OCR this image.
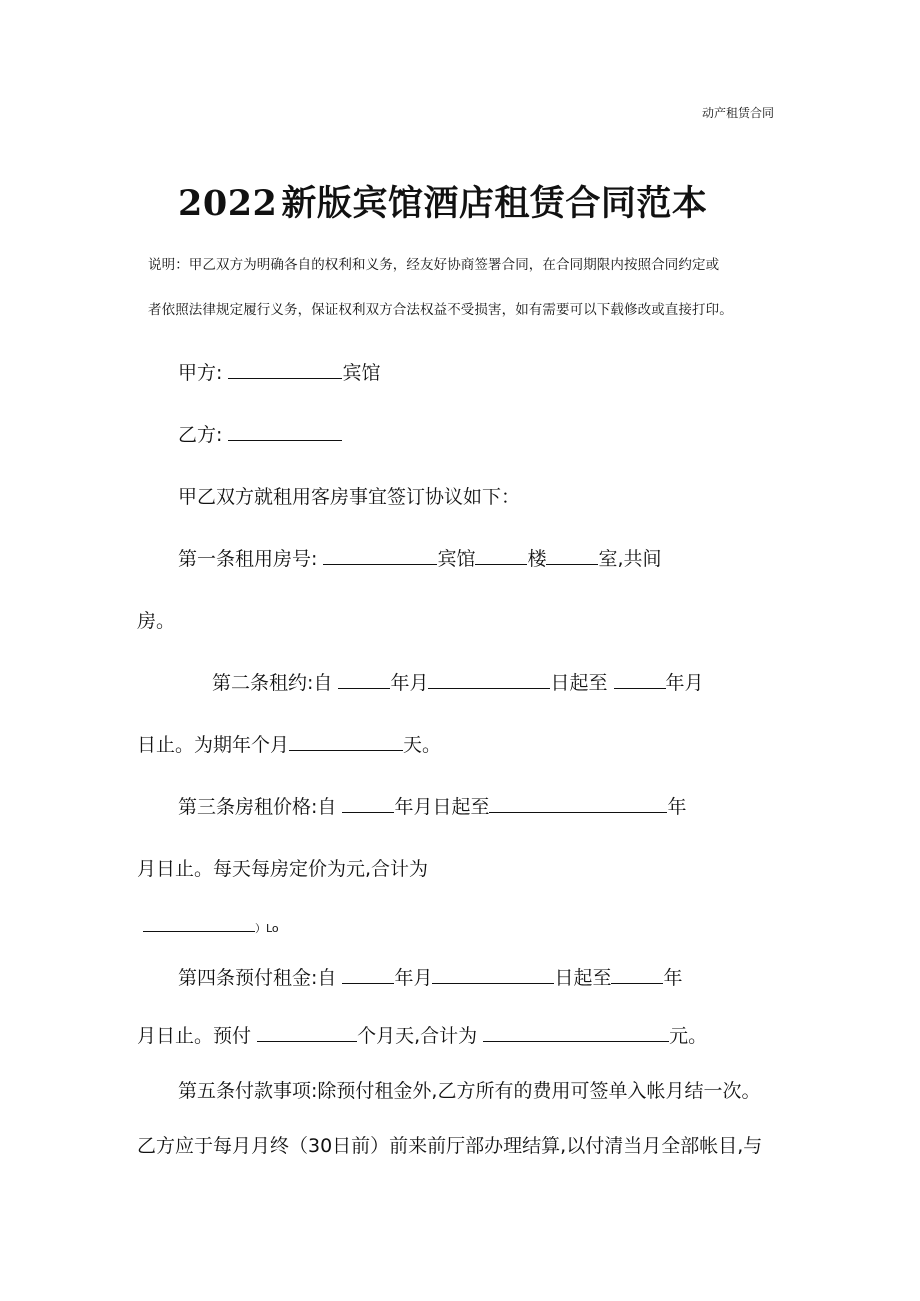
动产租赁合同
2022 新版宾馆酒店租赁合同范本
说明：甲乙双方为明确各自的权利和义务，经友好协商签署合同，在合同期限内按照合同约定或
者依照法律规定履行义务，保证权利双方合法权益不受损害，如有需要可以下载修改或直接打印。
甲方:	宾馆
乙方:
甲乙双方就租用客房事宜签订协议如下：
第一条租用房号:	宾馆	楼	室,共间
房。
第二条租约:自	年月	日起至	年月
日止。为期年个月	天。
第三条房租价格:自	年月日起至	年
月日止。每天每房定价为元,合计为
）Lo
第四条预付租金:自	年月	日起至	年
月日止。预付	个月天,合计为	元。
第五条付款事项:除预付租金外,乙方所有的费用可签单入帐月结一次。
乙方应于每月月终（30日前）前来前厅部办理结算,以付清当月全部帐目,与
